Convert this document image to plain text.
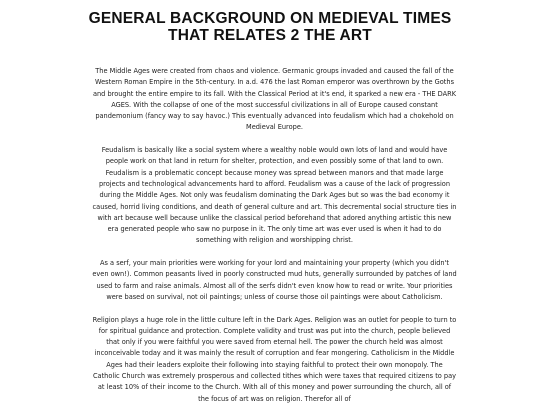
GENERAL BACKGROUND ON MEDIEVAL TIMES
THAT RELATES 2 THE ART

The Middle Ages were created from chaos and violence. Germanic groups invaded and caused the fall of the Western Roman Empire in the 5th-century. In a.d. 476 the last Roman emperor was overthrown by the Goths and brought the entire empire to its fall. With the Classical Period at it's end, it sparked a new era - THE DARK AGES. With the collapse of one of the most successful civilizations in all of Europe caused constant pandemonium (fancy way to say havoc.) This eventually advanced into feudalism which had a chokehold on Medieval Europe.

Feudalism is basically like a social system where a wealthy noble would own lots of land and would have people work on that land in return for shelter, protection, and even possibly some of that land to own. Feudalism is a problematic concept because money was spread between manors and that made large projects and technological advancements hard to afford. Feudalism was a cause of the lack of progression during the Middle Ages. Not only was feudalism dominating the Dark Ages but so was the bad economy it caused, horrid living conditions, and death of general culture and art. This decremental social structure ties in with art because well because unlike the classical period beforehand that adored anything artistic this new era generated people who saw no purpose in it. The only time art was ever used is when it had to do something with religion and worshipping christ.

As a serf, your main priorities were working for your lord and maintaining your property (which you didn't even own!). Common peasants lived in poorly constructed mud huts, generally surrounded by patches of land used to farm and raise animals. Almost all of the serfs didn't even know how to read or write. Your priorities were based on survival, not oil paintings; unless of course those oil paintings were about Catholicism.

Religion plays a huge role in the little culture left in the Dark Ages. Religion was an outlet for people to turn to for spiritual guidance and protection. Complete validity and trust was put into the church, people believed that only if you were faithful you were saved from eternal hell. The power the church held was almost inconceivable today and it was mainly the result of corruption and fear mongering. Catholicism in the Middle Ages had their leaders exploite their following into staying faithful to protect their own monopoly. The Catholic Church was extremely prosperous and collected tithes which were taxes that required citizens to pay at least 10% of their income to the Church. With all of this money and power surrounding the church, all of the focus of art was on religion. Therefor all of
